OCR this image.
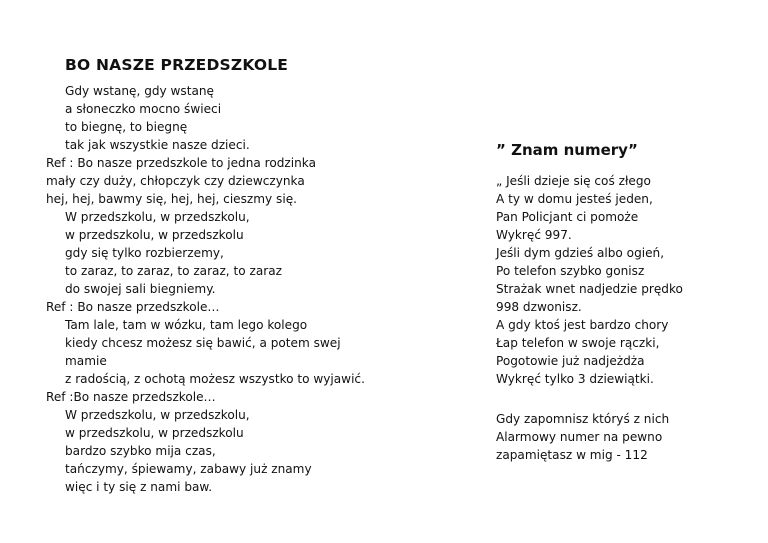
BO NASZE PRZEDSZKOLE
Gdy wstanę, gdy wstanę
a słoneczko mocno świeci
to biegnę, to biegnę
tak jak wszystkie nasze dzieci.
Ref : Bo nasze przedszkole to jedna rodzinka
mały czy duży, chłopczyk czy dziewczynka
hej, hej, bawmy się, hej, hej, cieszmy się.
W przedszkolu, w przedszkolu,
w przedszkolu, w przedszkolu
gdy się tylko rozbierzemy,
to zaraz, to zaraz, to zaraz, to zaraz
do swojej sali biegniemy.
Ref : Bo nasze przedszkole…
Tam lale, tam w wózku, tam lego kolego
kiedy chcesz możesz się bawić, a potem swej
mamie
z radością, z ochotą możesz wszystko to wyjawić.
Ref :Bo nasze przedszkole…
W przedszkolu, w przedszkolu,
w przedszkolu, w przedszkolu
bardzo szybko mija czas,
tańczymy, śpiewamy, zabawy już znamy
więc i ty się z nami baw.
” Znam numery”
„ Jeśli dzieje się coś złego
A ty w domu jesteś jeden,
Pan Policjant ci pomoże
Wykręć 997.
Jeśli dym gdzieś albo ogień,
Po telefon szybko gonisz
Strażak wnet nadjedzie prędko
998 dzwonisz.
A gdy ktoś jest bardzo chory
Łap telefon w swoje rączki,
Pogotowie już nadjeżdża
Wykręć tylko 3 dziewiątki.
Gdy zapomnisz któryś z nich
Alarmowy numer na pewno
zapamiętasz w mig - 112
